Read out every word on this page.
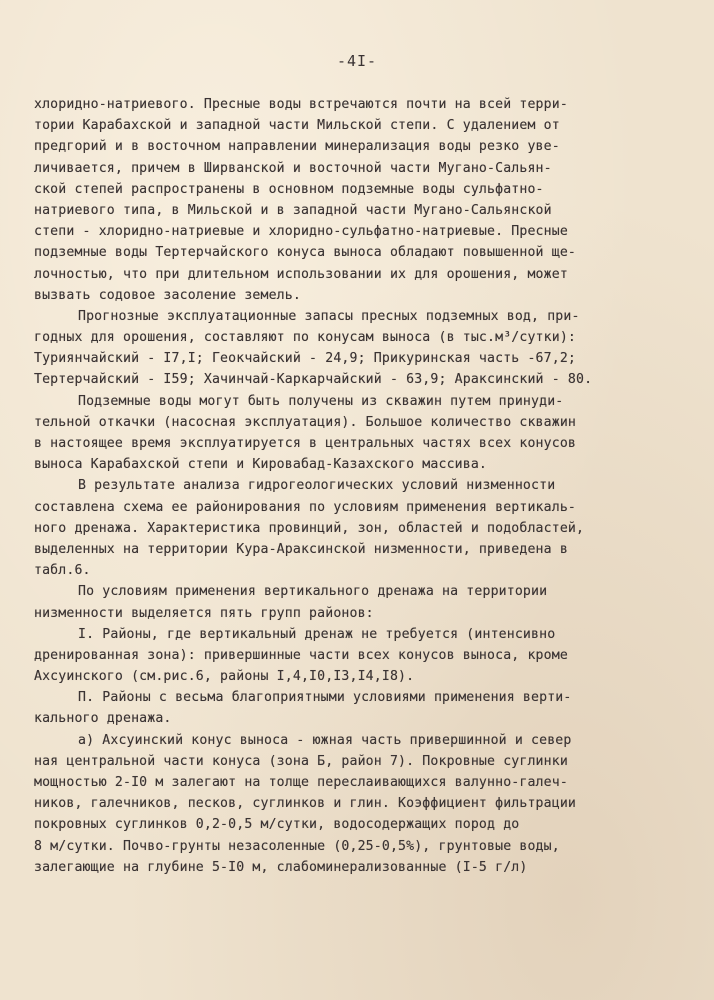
-4I-
хлоридно-натриевого. Пресные воды встречаются почти на всей терри-
тории Карабахской и западной части Мильской степи. С удалением от
предгорий и в восточном направлении минерализация воды резко уве-
личивается, причем в Ширванской и восточной части Мугано-Сальян-
ской степей распространены в основном подземные воды сульфатно-
натриевого типа, в Мильской и в западной части Мугано-Сальянской
степи - хлоридно-натриевые и хлоридно-сульфатно-натриевые. Пресные
подземные воды Тертерчайского конуса выноса обладают повышенной ще-
лочностью, что при длительном использовании их для орошения, может
вызвать содовое засоление земель.
Прогнозные эксплуатационные запасы пресных подземных вод, при-
годных для орошения, составляют по конусам выноса (в тыс.м³/сутки):
Туриянчайский - I7,I; Геокчайский - 24,9; Прикуринская часть -67,2;
Тертерчайский - I59; Хачинчай-Каркарчайский - 63,9; Араксинский - 80.
Подземные воды могут быть получены из скважин путем принуди-
тельной откачки (насосная эксплуатация). Большое количество скважин
в настоящее время эксплуатируется в центральных частях всех конусов
выноса Карабахской степи и Кировабад-Казахского массива.
В результате анализа гидрогеологических условий низменности
составлена схема ее районирования по условиям применения вертикаль-
ного дренажа. Характеристика провинций, зон, областей и подобластей,
выделенных на территории Кура-Араксинской низменности, приведена в
табл.6.
По условиям применения вертикального дренажа на территории
низменности выделяется пять групп районов:
I. Районы, где вертикальный дренаж не требуется (интенсивно
дренированная зона): привершинные части всех конусов выноса, кроме
Ахсуинского (см.рис.6, районы I,4,I0,I3,I4,I8).
П. Районы с весьма благоприятными условиями применения верти-
кального дренажа.
а) Ахсуинский конус выноса - южная часть привершинной и север
ная центральной части конуса (зона Б, район 7). Покровные суглинки
мощностью 2-I0 м залегают на толще переслаивающихся валунно-галеч-
ников, галечников, песков, суглинков и глин. Коэффициент фильтрации
покровных суглинков 0,2-0,5 м/сутки, водосодержащих пород до
8 м/сутки. Почво-грунты незасоленные (0,25-0,5%), грунтовые воды,
залегающие на глубине 5-I0 м, слабоминерализованные (I-5 г/л)
